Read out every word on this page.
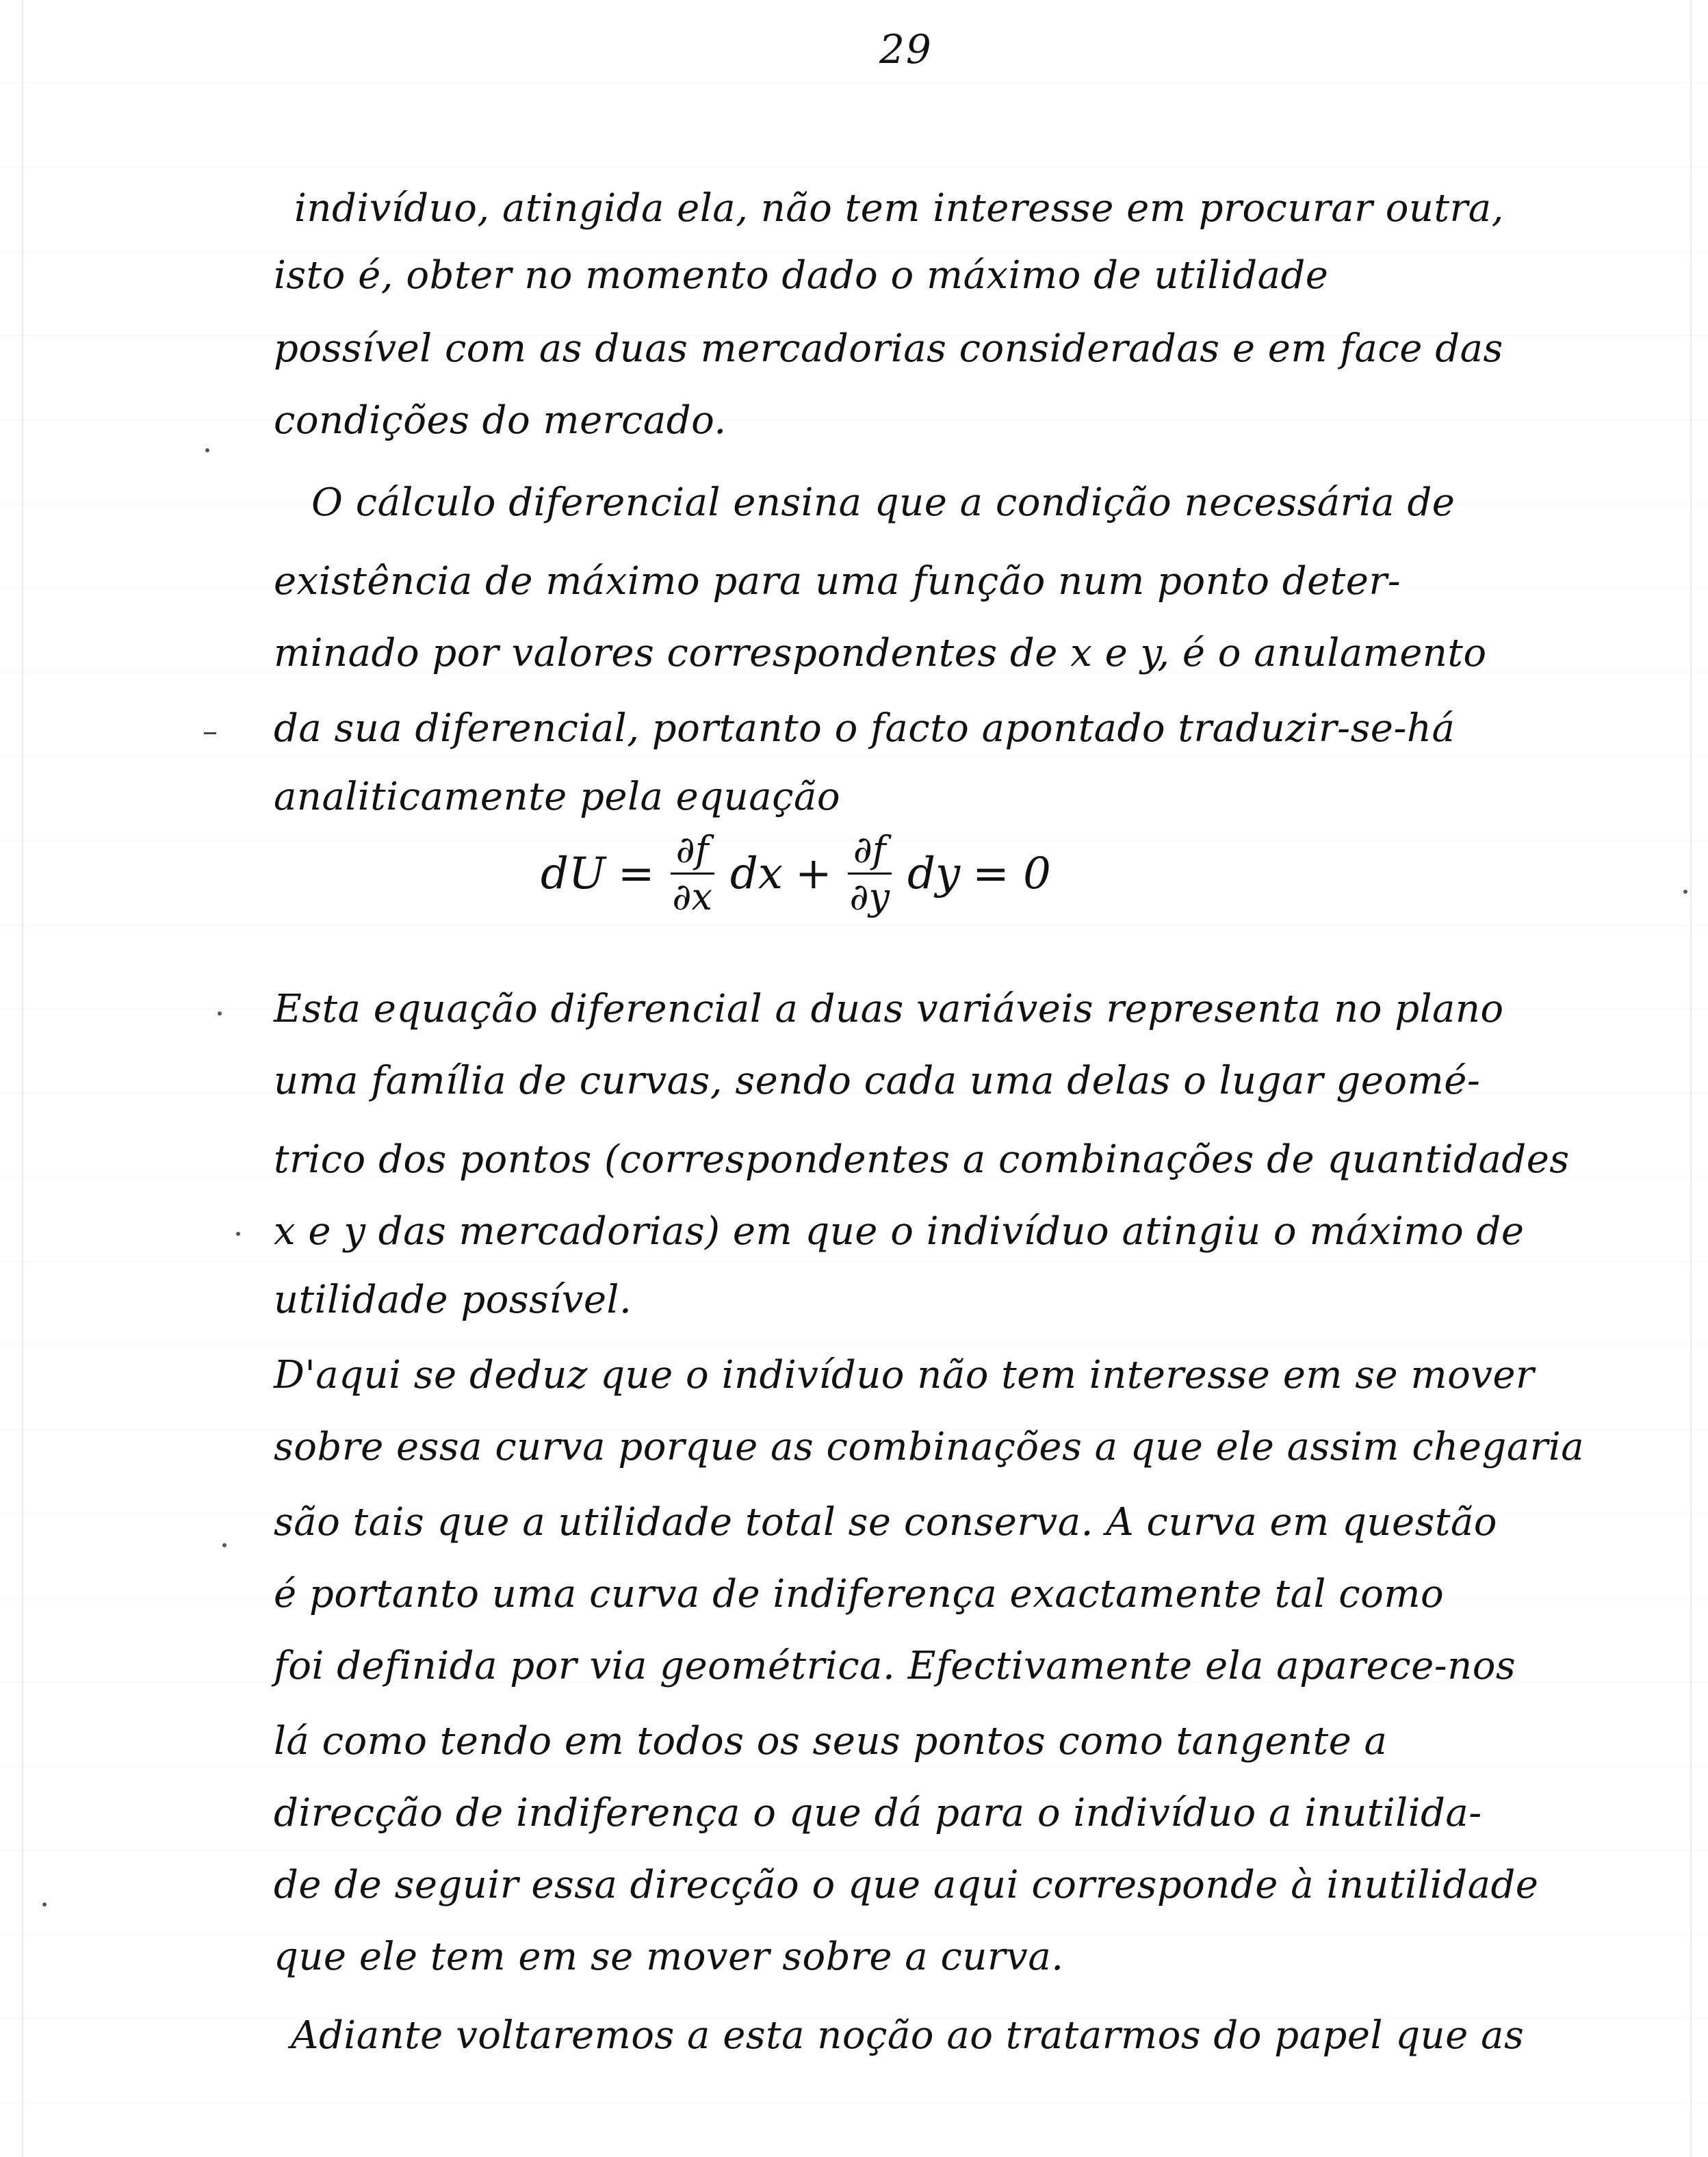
29
indivíduo, atingida ela, não tem interesse em procurar outra,
isto é, obter no momento dado o máximo de utilidade
possível com as duas mercadorias consideradas e em face das
condições do mercado.
O cálculo diferencial ensina que a condição necessária de
existência de máximo para uma função num ponto deter-
minado por valores correspondentes de x e y, é o anulamento
da sua diferencial, portanto o facto apontado traduzir-se-há
analiticamente pela equação
Esta equação diferencial a duas variáveis representa no plano
uma família de curvas, sendo cada uma delas o lugar geomé-
trico dos pontos (correspondentes a combinações de quantidades
x e y das mercadorias) em que o indivíduo atingiu o máximo de
utilidade possível.
D'aqui se deduz que o indivíduo não tem interesse em se mover
sobre essa curva porque as combinações a que ele assim chegaria
são tais que a utilidade total se conserva. A curva em questão
é portanto uma curva de indiferença exactamente tal como
foi definida por via geométrica. Efectivamente ela aparece-nos
lá como tendo em todos os seus pontos como tangente a
direcção de indiferença o que dá para o indivíduo a inutilida-
de de seguir essa direcção o que aqui corresponde à inutilidade
que ele tem em se mover sobre a curva.
Adiante voltaremos a esta noção ao tratarmos do papel que as
dU = $\frac{\partial f}{\partial x}$ dx + $\frac{\partial f}{\partial y}$ dy = 0
